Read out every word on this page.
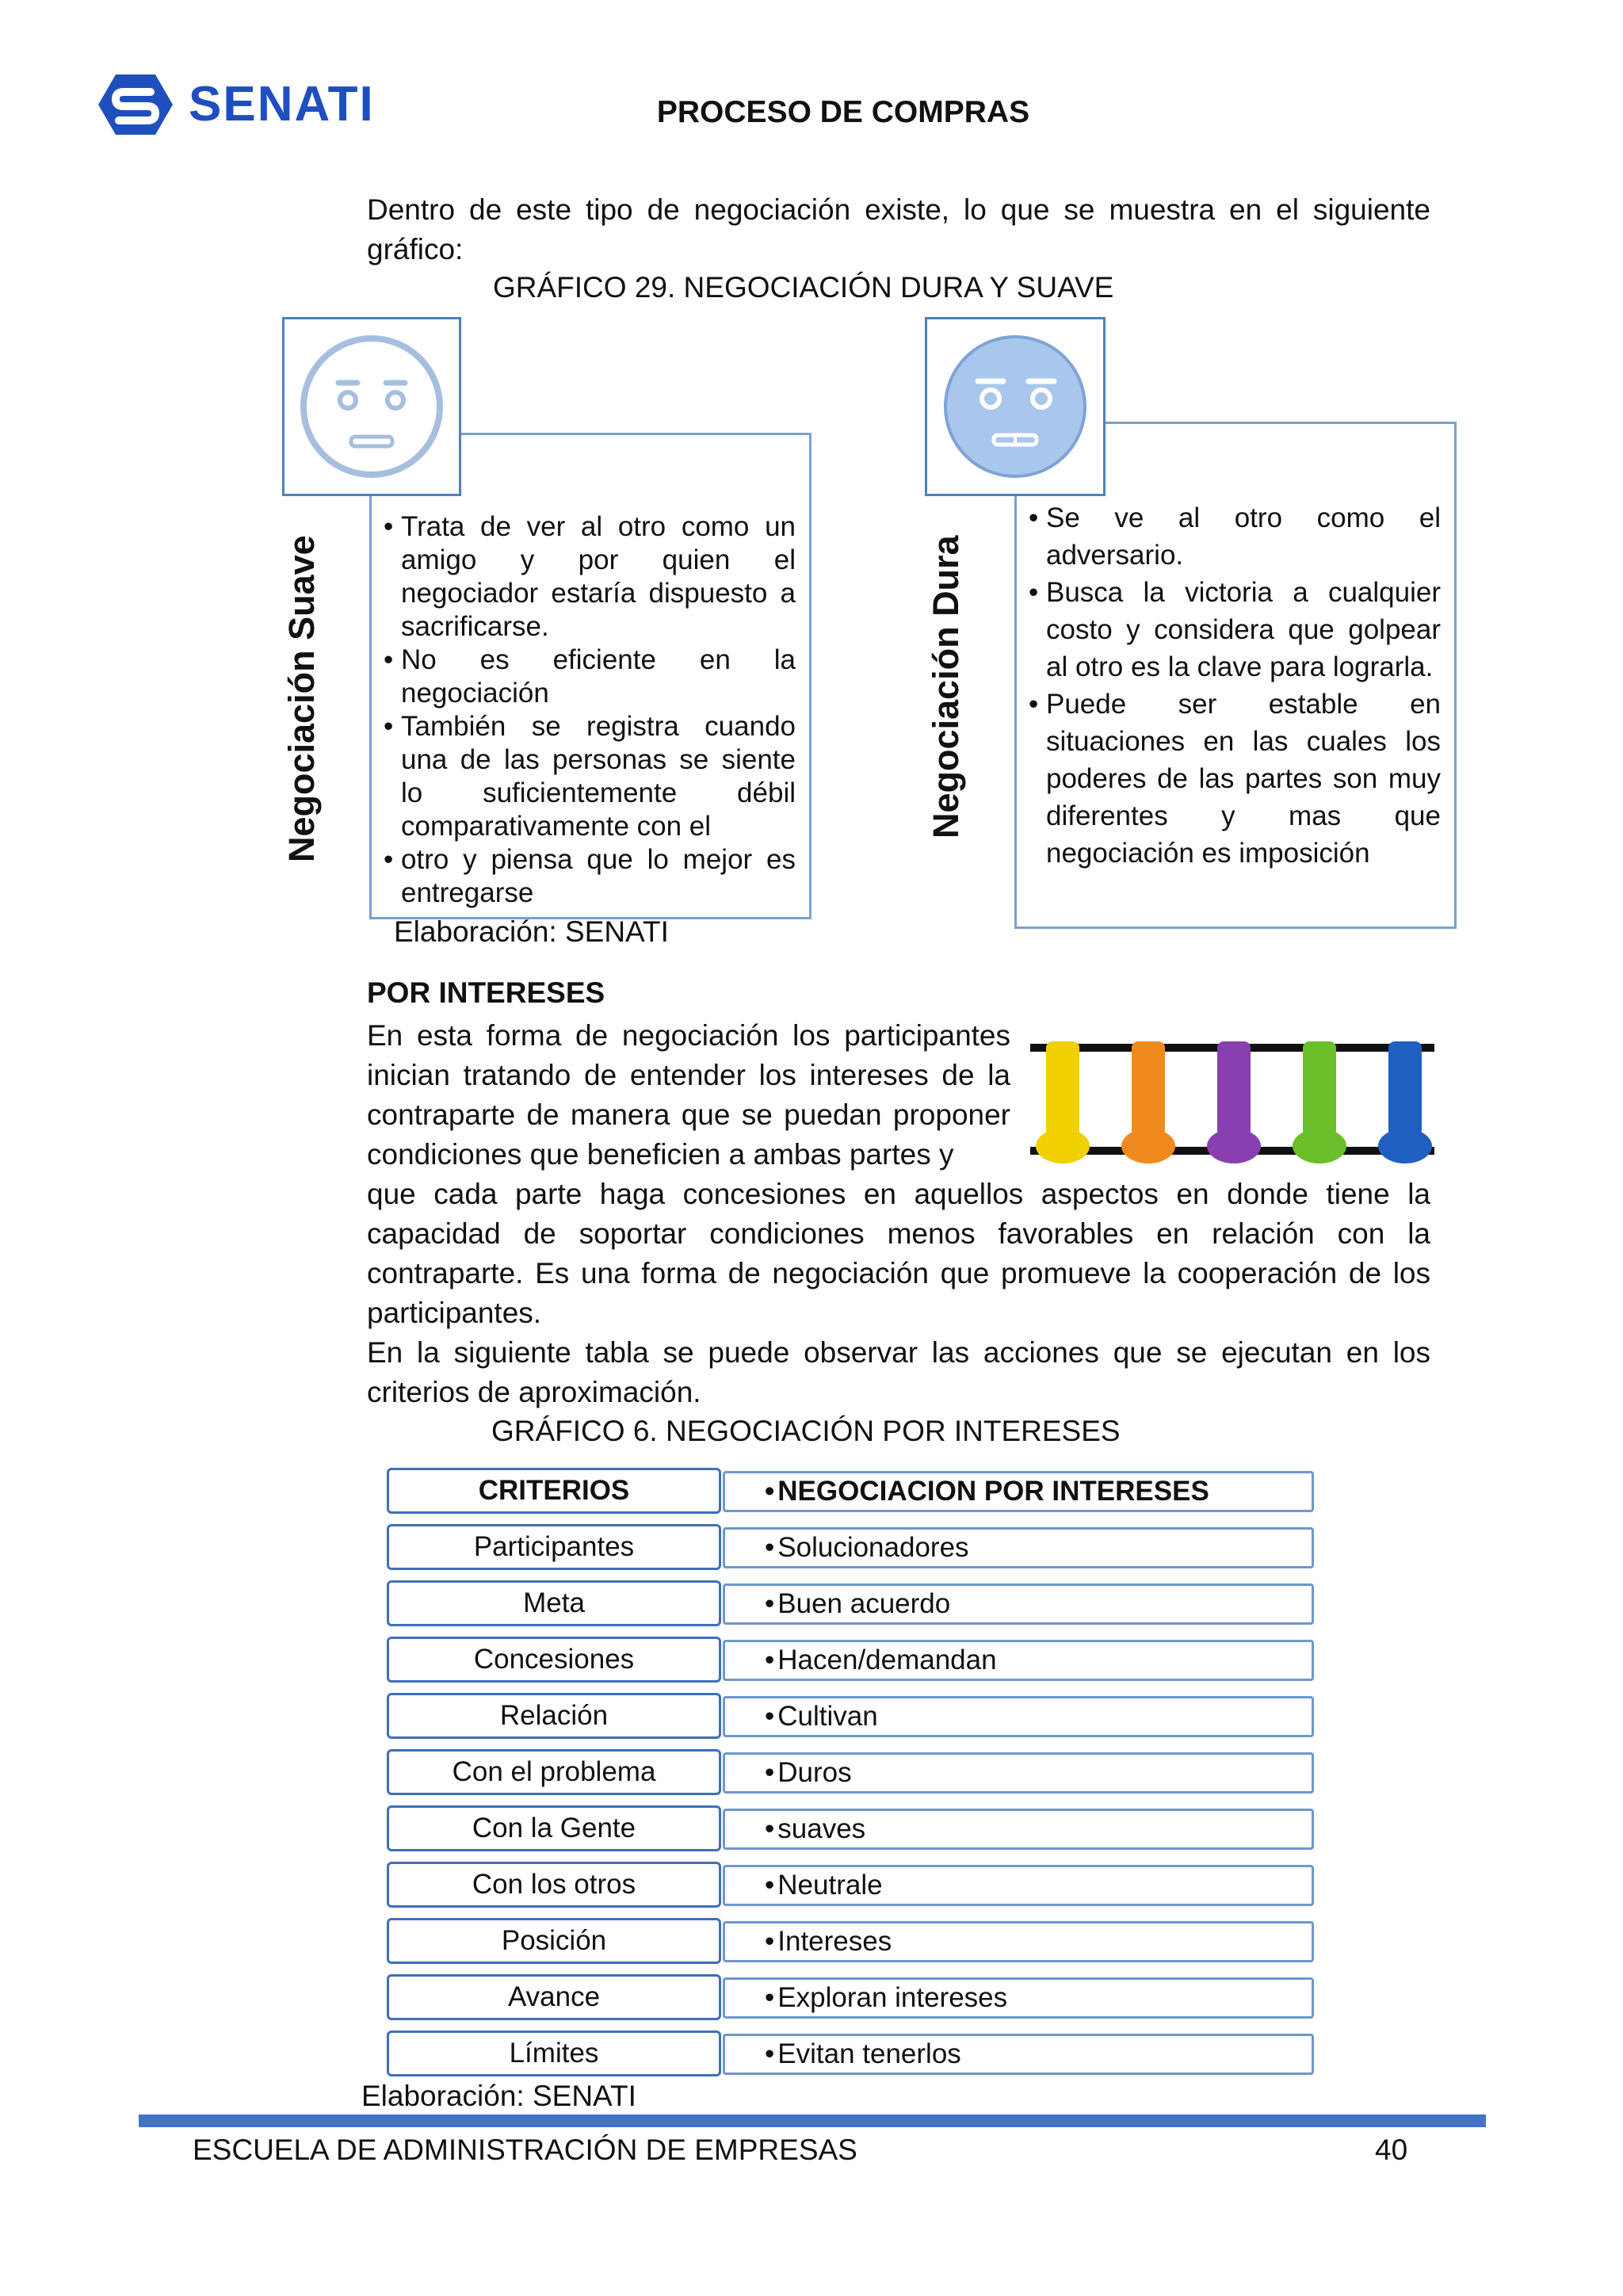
SENATI	PROCESO DE COMPRAS
Dentro de este tipo de negociación existe, lo que se muestra en el siguiente gráfico:
GRÁFICO 29. NEGOCIACIÓN DURA Y SUAVE
Negociación Suave
• Trata de ver al otro como un amigo y por quien el negociador estaría dispuesto a sacrificarse.
• No es eficiente en la negociación
• También se registra cuando una de las personas se siente lo suficientemente débil comparativamente con el
• otro y piensa que lo mejor es entregarse
Negociación Dura
• Se ve al otro como el adversario.
• Busca la victoria a cualquier costo y considera que golpear al otro es la clave para lograrla.
• Puede ser estable en situaciones en las cuales los poderes de las partes son muy diferentes y mas que negociación es imposición
Elaboración: SENATI
POR INTERESES
En esta forma de negociación los participantes inician tratando de entender los intereses de la contraparte de manera que se puedan proponer condiciones que beneficien a ambas partes y
que cada parte haga concesiones en aquellos aspectos en donde tiene la capacidad de soportar condiciones menos favorables en relación con la contraparte. Es una forma de negociación que promueve la cooperación de los participantes.
En la siguiente tabla se puede observar las acciones que se ejecutan en los criterios de aproximación.
GRÁFICO 6. NEGOCIACIÓN POR INTERESES
CRITERIOS	• NEGOCIACION POR INTERESES
Participantes	• Solucionadores
Meta	• Buen acuerdo
Concesiones	• Hacen/demandan
Relación	• Cultivan
Con el problema	• Duros
Con la Gente	• suaves
Con los otros	• Neutrale
Posición	• Intereses
Avance	• Exploran intereses
Límites	• Evitan tenerlos
Elaboración: SENATI
ESCUELA DE ADMINISTRACIÓN DE EMPRESAS	40
